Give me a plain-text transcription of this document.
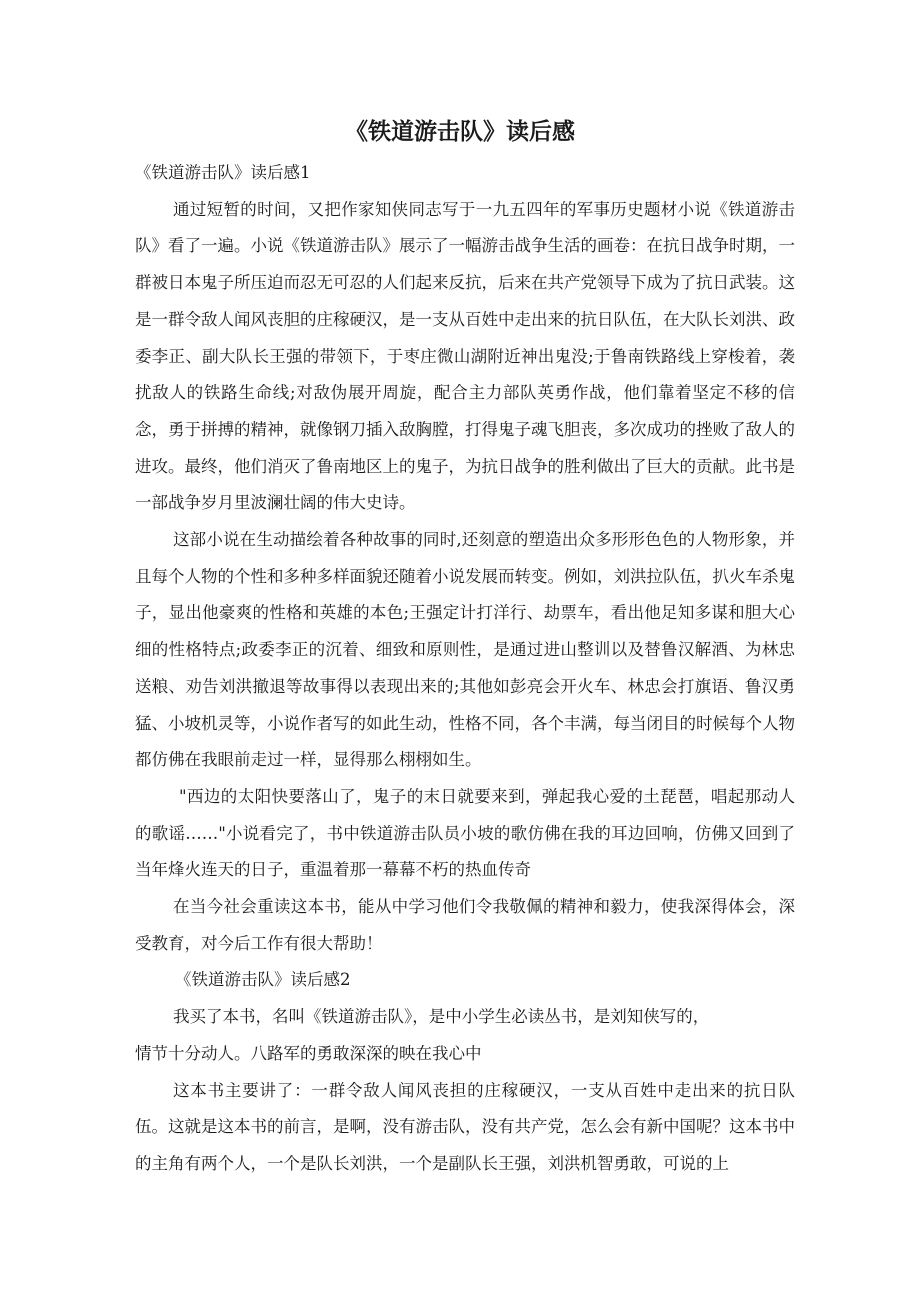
《铁道游击队》读后感

《铁道游击队》读后感1

通过短暂的时间，又把作家知侠同志写于一九五四年的军事历史题材小说《铁道游击队》看了一遍。小说《铁道游击队》展示了一幅游击战争生活的画卷：在抗日战争时期，一群被日本鬼子所压迫而忍无可忍的人们起来反抗，后来在共产党领导下成为了抗日武装。这是一群令敌人闻风丧胆的庄稼硬汉，是一支从百姓中走出来的抗日队伍，在大队长刘洪、政委李正、副大队长王强的带领下，于枣庄微山湖附近神出鬼没;于鲁南铁路线上穿梭着，袭扰敌人的铁路生命线;对敌伪展开周旋，配合主力部队英勇作战，他们靠着坚定不移的信念，勇于拼搏的精神，就像钢刀插入敌胸膛，打得鬼子魂飞胆丧，多次成功的挫败了敌人的进攻。最终，他们消灭了鲁南地区上的鬼子，为抗日战争的胜利做出了巨大的贡献。此书是一部战争岁月里波澜壮阔的伟大史诗。

这部小说在生动描绘着各种故事的同时,还刻意的塑造出众多形形色色的人物形象，并且每个人物的个性和多种多样面貌还随着小说发展而转变。例如，刘洪拉队伍，扒火车杀鬼子，显出他豪爽的性格和英雄的本色;王强定计打洋行、劫票车，看出他足知多谋和胆大心细的性格特点;政委李正的沉着、细致和原则性，是通过进山整训以及替鲁汉解酒、为林忠送粮、劝告刘洪撤退等故事得以表现出来的;其他如彭亮会开火车、林忠会打旗语、鲁汉勇猛、小坡机灵等，小说作者写的如此生动，性格不同，各个丰满，每当闭目的时候每个人物都仿佛在我眼前走过一样，显得那么栩栩如生。

"西边的太阳快要落山了，鬼子的末日就要来到，弹起我心爱的土琵琶，唱起那动人的歌谣……"小说看完了，书中铁道游击队员小坡的歌仿佛在我的耳边回响，仿佛又回到了当年烽火连天的日子，重温着那一幕幕不朽的热血传奇

在当今社会重读这本书，能从中学习他们令我敬佩的精神和毅力，使我深得体会，深受教育，对今后工作有很大帮助！

《铁道游击队》读后感2

我买了本书，名叫《铁道游击队》，是中小学生必读丛书，是刘知侠写的，

情节十分动人。八路军的勇敢深深的映在我心中

这本书主要讲了：一群令敌人闻风丧担的庄稼硬汉，一支从百姓中走出来的抗日队伍。这就是这本书的前言，是啊，没有游击队，没有共产党，怎么会有新中国呢？这本书中的主角有两个人，一个是队长刘洪，一个是副队长王强，刘洪机智勇敢，可说的上
